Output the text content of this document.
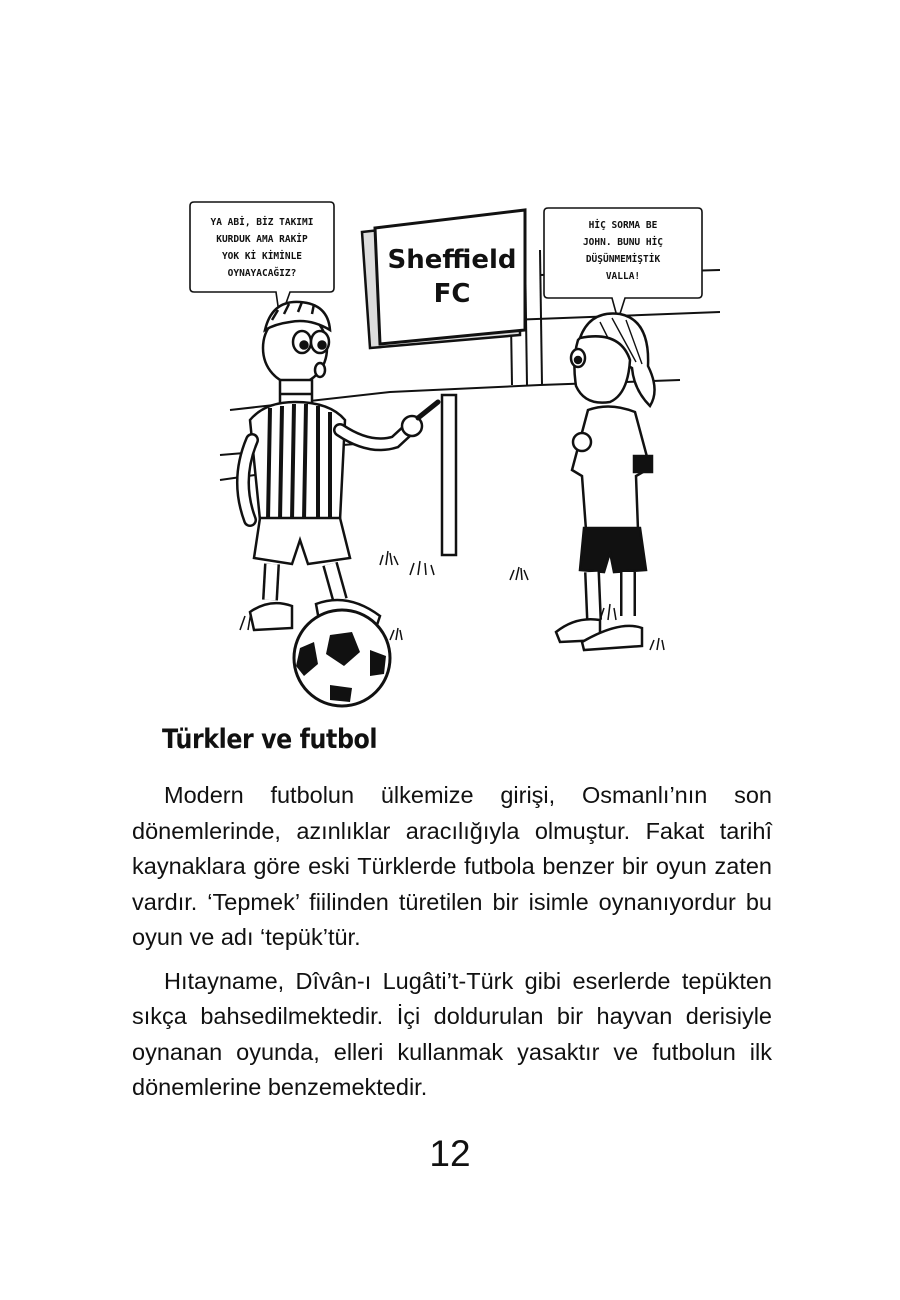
Sheffield
FC
YA ABİ, BİZ TAKIMI
KURDUK AMA RAKİP
YOK Kİ KİMİNLE
OYNAYACAĞIZ?
HİÇ SORMA BE
JOHN. BUNU HİÇ
DÜŞÜNMEMİŞTİK
VALLA!
Türkler ve futbol

Modern futbolun ülkemize girişi, Osmanlı’nın son dönemlerinde, azınlıklar aracılığıyla olmuştur. Fakat tarihî kaynaklara göre eski Türklerde futbola benzer bir oyun zaten vardır. ‘Tepmek’ fiilinden türetilen bir isimle oynanıyordur bu oyun ve adı ‘tepük’tür.

Hıtayname, Dîvân-ı Lugâti’t-Türk gibi eserlerde tepükten sıkça bahsedilmektedir. İçi doldurulan bir hayvan derisiyle oynanan oyunda, elleri kullanmak yasaktır ve futbolun ilk dönemlerine benzemektedir.

12
